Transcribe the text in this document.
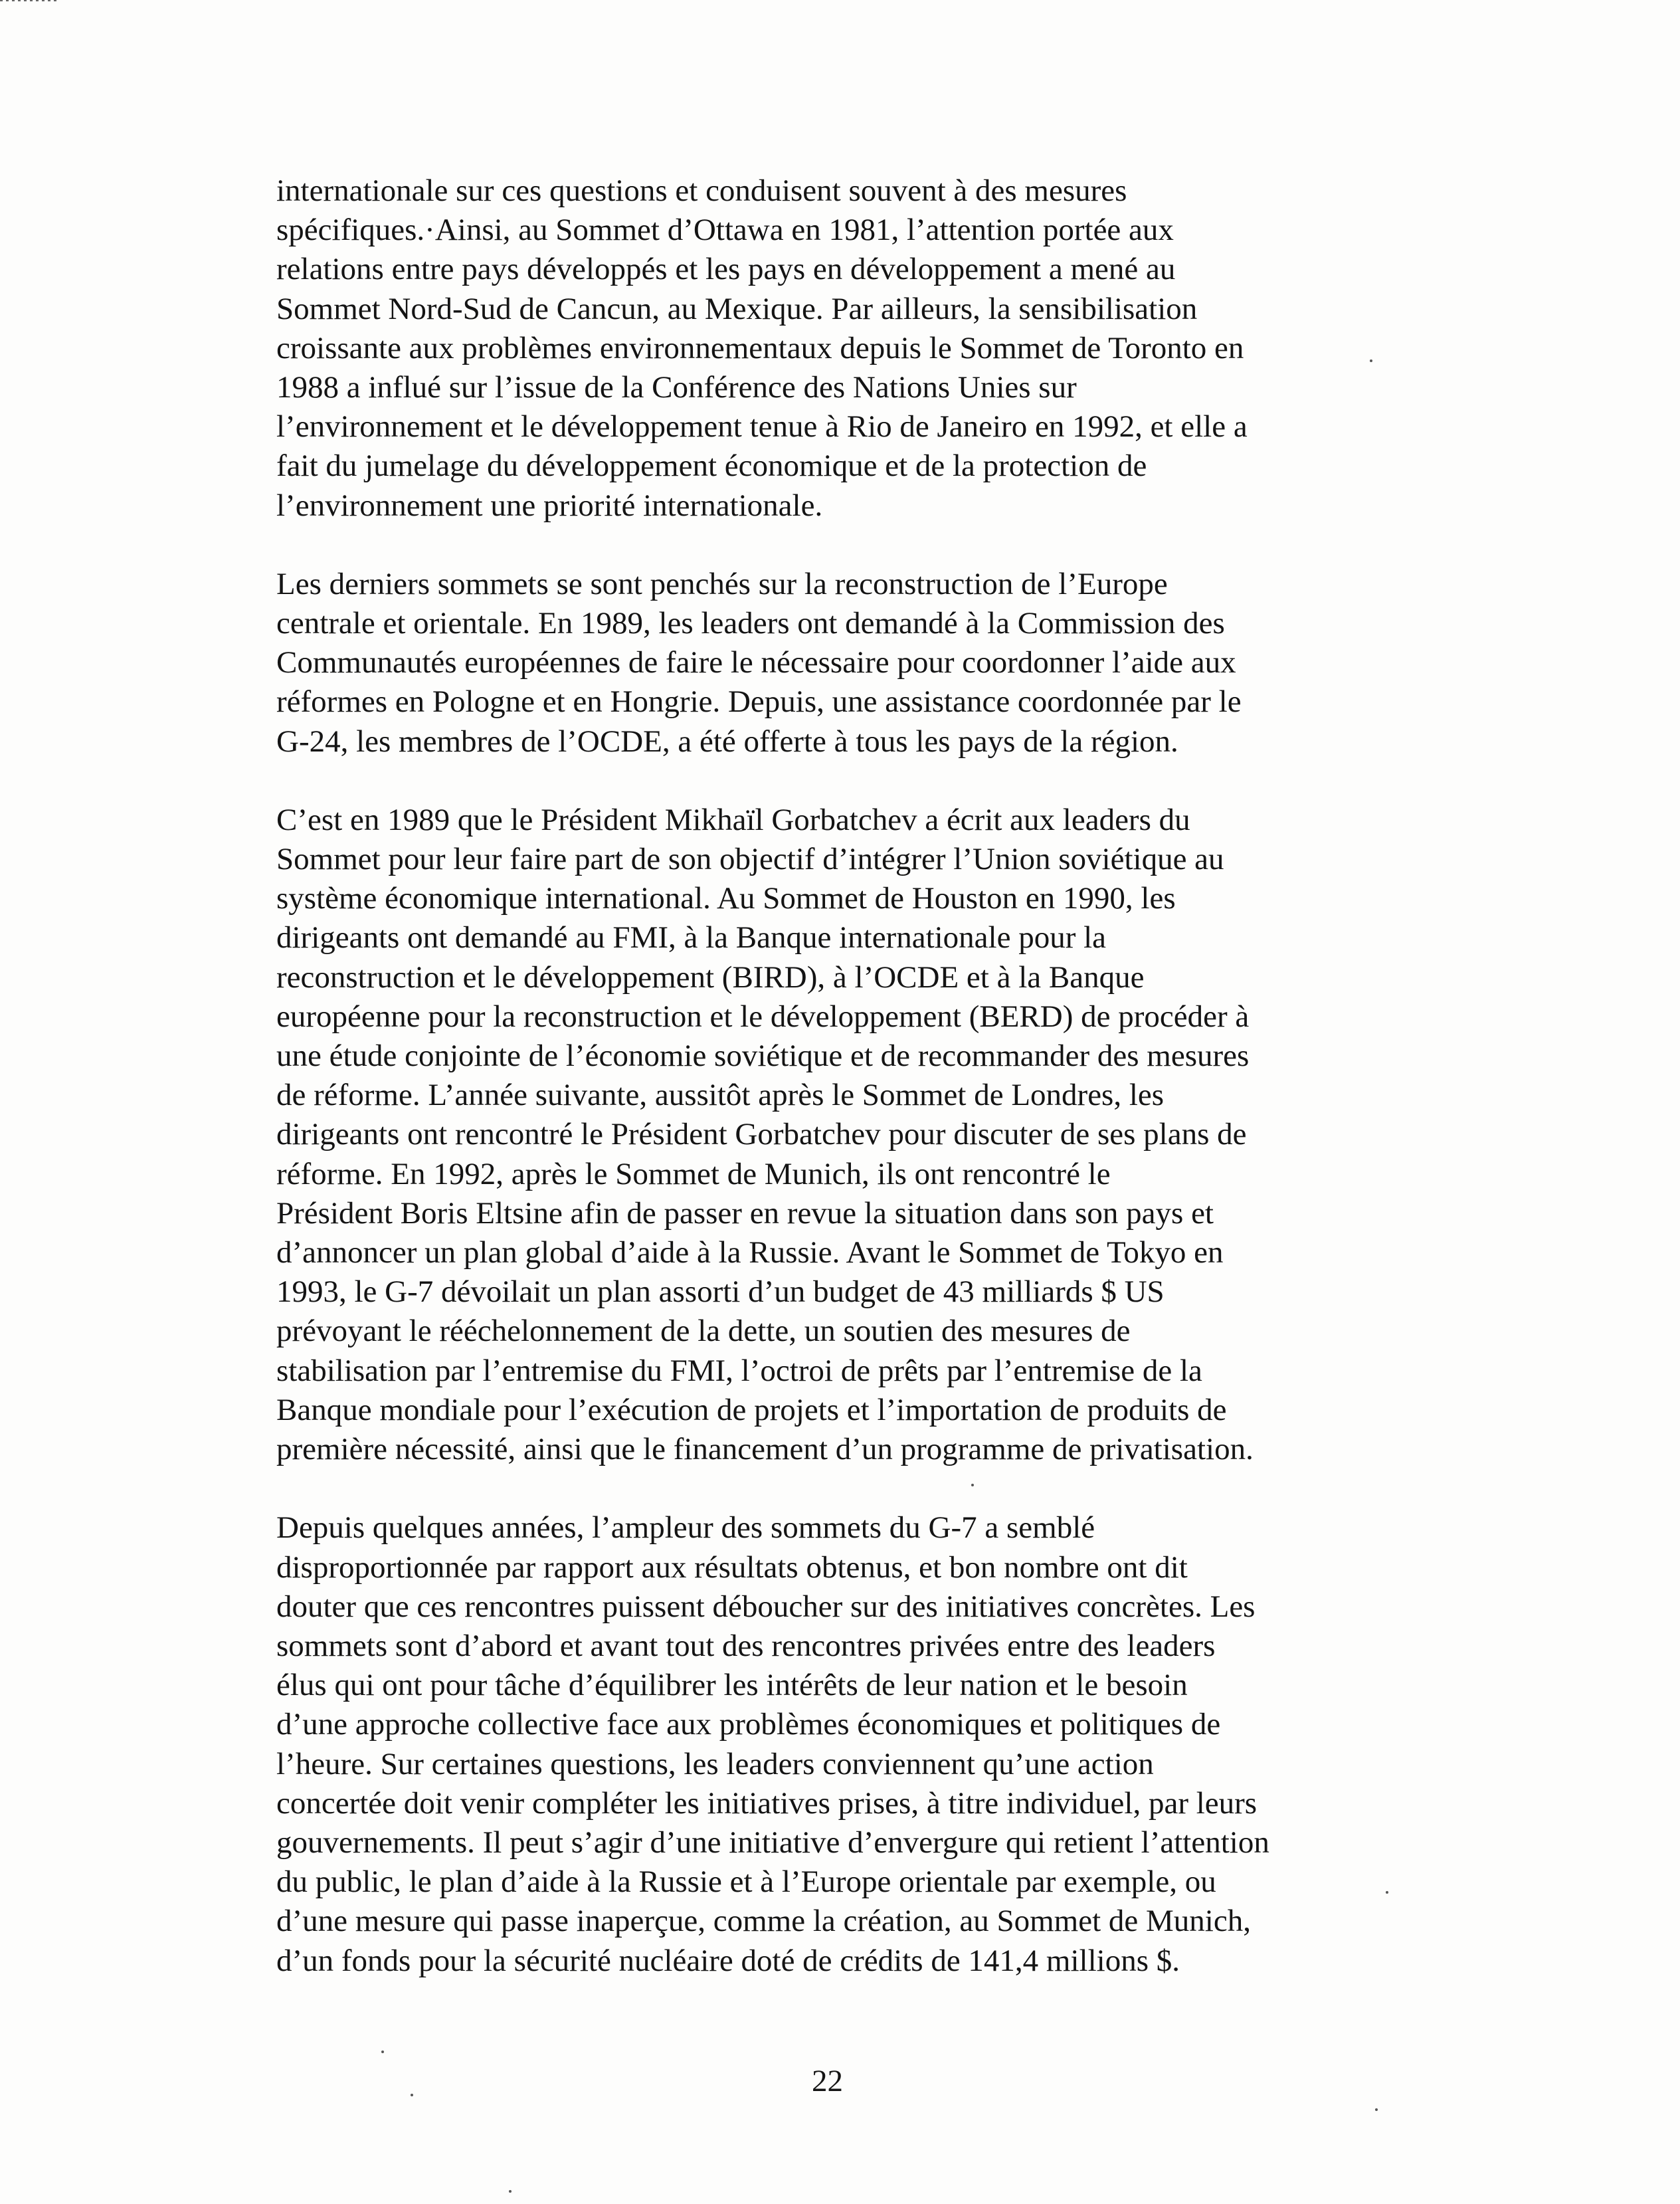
internationale sur ces questions et conduisent souvent à des mesures
spécifiques.·Ainsi, au Sommet d’Ottawa en 1981, l’attention portée aux
relations entre pays développés et les pays en développement a mené au
Sommet Nord-Sud de Cancun, au Mexique. Par ailleurs, la sensibilisation
croissante aux problèmes environnementaux depuis le Sommet de Toronto en
1988 a influé sur l’issue de la Conférence des Nations Unies sur
l’environnement et le développement tenue à Rio de Janeiro en 1992, et elle a
fait du jumelage du développement économique et de la protection de
l’environnement une priorité internationale.

Les derniers sommets se sont penchés sur la reconstruction de l’Europe
centrale et orientale. En 1989, les leaders ont demandé à la Commission des
Communautés européennes de faire le nécessaire pour coordonner l’aide aux
réformes en Pologne et en Hongrie. Depuis, une assistance coordonnée par le
G-24, les membres de l’OCDE, a été offerte à tous les pays de la région.

C’est en 1989 que le Président Mikhaïl Gorbatchev a écrit aux leaders du
Sommet pour leur faire part de son objectif d’intégrer l’Union soviétique au
système économique international. Au Sommet de Houston en 1990, les
dirigeants ont demandé au FMI, à la Banque internationale pour la
reconstruction et le développement (BIRD), à l’OCDE et à la Banque
européenne pour la reconstruction et le développement (BERD) de procéder à
une étude conjointe de l’économie soviétique et de recommander des mesures
de réforme. L’année suivante, aussitôt après le Sommet de Londres, les
dirigeants ont rencontré le Président Gorbatchev pour discuter de ses plans de
réforme. En 1992, après le Sommet de Munich, ils ont rencontré le
Président Boris Eltsine afin de passer en revue la situation dans son pays et
d’annoncer un plan global d’aide à la Russie. Avant le Sommet de Tokyo en
1993, le G-7 dévoilait un plan assorti d’un budget de 43 milliards $ US
prévoyant le rééchelonnement de la dette, un soutien des mesures de
stabilisation par l’entremise du FMI, l’octroi de prêts par l’entremise de la
Banque mondiale pour l’exécution de projets et l’importation de produits de
première nécessité, ainsi que le financement d’un programme de privatisation.

Depuis quelques années, l’ampleur des sommets du G-7 a semblé
disproportionnée par rapport aux résultats obtenus, et bon nombre ont dit
douter que ces rencontres puissent déboucher sur des initiatives concrètes. Les
sommets sont d’abord et avant tout des rencontres privées entre des leaders
élus qui ont pour tâche d’équilibrer les intérêts de leur nation et le besoin
d’une approche collective face aux problèmes économiques et politiques de
l’heure. Sur certaines questions, les leaders conviennent qu’une action
concertée doit venir compléter les initiatives prises, à titre individuel, par leurs
gouvernements. Il peut s’agir d’une initiative d’envergure qui retient l’attention
du public, le plan d’aide à la Russie et à l’Europe orientale par exemple, ou
d’une mesure qui passe inaperçue, comme la création, au Sommet de Munich,
d’un fonds pour la sécurité nucléaire doté de crédits de 141,4 millions $.

22
